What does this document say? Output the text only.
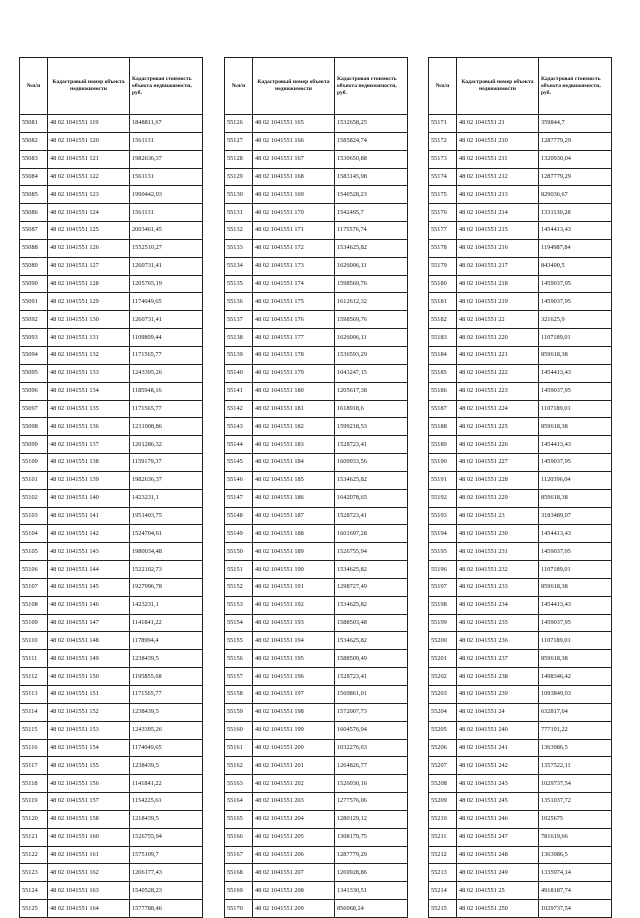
№п/п	Кадастровый номер объекта недвижимости	Кадастровая стоимость объекта недвижимости, руб.
55081	48 02 1041551 119	1848811,67
55082	48 02 1041551 120	1561131
55083	48 02 1041551 121	1982636,37
55084	48 02 1041551 122	1561131
55085	48 02 1041551 123	1990442,03
55086	48 02 1041551 124	1561131
55087	48 02 1041551 125	2003461,45
55088	48 02 1041551 126	1552510,27
55089	48 02 1041551 127	1260731,41
55090	48 02 1041551 128	1205765,19
55091	48 02 1041551 129	1174049,65
55092	48 02 1041551 130	1260731,41
55093	48 02 1041551 131	1109809,44
55094	48 02 1041551 132	1171565,77
55095	48 02 1041551 133	1243395,26
55096	48 02 1041551 134	1185948,16
55097	48 02 1041551 135	1171565,77
55098	48 02 1041551 136	1231008,86
55099	48 02 1041551 137	1201286,32
55100	48 02 1041551 138	1159179,37
55101	48 02 1041551 139	1982636,37
55102	48 02 1041551 140	1423231,1
55103	48 02 1041551 141	1951403,75
55104	48 02 1041551 142	1524704,61
55105	48 02 1041551 143	1980034,48
55106	48 02 1041551 144	1522102,73
55107	48 02 1041551 145	1927996,78
55108	48 02 1041551 146	1423231,1
55109	48 02 1041551 147	1141841,22
55110	48 02 1041551 148	1178994,4
55111	48 02 1041551 149	1238439,5
55112	48 02 1041551 150	1195855,68
55113	48 02 1041551 151	1171565,77
55114	48 02 1041551 152	1238439,5
55115	48 02 1041551 153	1243395,26
55116	48 02 1041551 154	1174049,65
55117	48 02 1041551 155	1238439,5
55118	48 02 1041551 156	1141841,22
55119	48 02 1041551 157	1154225,61
55120	48 02 1041551 158	1218439,5
55121	48 02 1041551 160	1526755,94
55122	48 02 1041551 161	1575109,7
55123	48 02 1041551 162	1206177,43
55124	48 02 1041551 163	1540528,23
55125	48 02 1041551 164	1577788,46
№п/п	Кадастровый номер объекта недвижимости	Кадастровая стоимость объекта недвижимости, руб.
55126	48 02 1041551 165	1532658,25
55127	48 02 1041551 166	1585824,74
55128	48 02 1041551 167	1530650,88
55129	48 02 1041551 168	1583145,98
55130	48 02 1041551 169	1540528,23
55131	48 02 1041551 170	1542495,7
55132	48 02 1041551 171	1175576,74
55133	48 02 1041551 172	1534625,82
55134	48 02 1041551 173	1626006,11
55135	48 02 1041551 174	1598569,76
55136	48 02 1041551 175	1612612,32
55137	48 02 1041551 176	1598569,76
55138	48 02 1041551 177	1626006,11
55139	48 02 1041551 178	1536593,29
55140	48 02 1041551 179	1043247,15
55141	48 02 1041551 180	1205617,38
55142	48 02 1041551 181	1618918,6
55143	48 02 1041551 182	1599218,53
55144	48 02 1041551 183	1528723,41
55145	48 02 1041551 184	1609933,56
55146	48 02 1041551 185	1534625,82
55147	48 02 1041551 186	1642078,65
55148	48 02 1041551 187	1528723,41
55149	48 02 1041551 188	1601697,28
55150	48 02 1041551 189	1526755,94
55151	48 02 1041551 190	1534625,82
55152	48 02 1041551 191	1298727,49
55153	48 02 1041551 192	1534625,82
55154	48 02 1041551 193	1588503,48
55155	48 02 1041551 194	1534625,82
55156	48 02 1041551 195	1588509,49
55157	48 02 1041551 196	1528723,41
55158	48 02 1041551 197	1569861,01
55159	48 02 1041551 198	1572007,73
55160	48 02 1041551 199	1604576,94
55161	48 02 1041551 200	1032276,63
55162	48 02 1041551 201	1264826,77
55163	48 02 1041551 202	1526030,16
55164	48 02 1041551 203	1277576,06
55165	48 02 1041551 204	1280129,12
55166	48 02 1041551 205	1308179,75
55167	48 02 1041551 206	1287779,29
55168	48 02 1041551 207	1269928,86
55169	48 02 1041551 208	1341330,51
55170	48 02 1041551 209	856068,24
№п/п	Кадастровый номер объекта недвижимости	Кадастровая стоимость объекта недвижимости, руб.
55171	48 02 1041551 21	359844,7
55172	48 02 1041551 210	1287779,29
55173	48 02 1041551 211	1320930,04
55174	48 02 1041551 212	1287779,29
55175	48 02 1041551 213	829036,67
55176	48 02 1041551 214	1331130,28
55177	48 02 1041551 215	1454413,43
55178	48 02 1041551 216	1194987,84
55179	48 02 1041551 217	843400,5
55180	48 02 1041551 218	1459037,95
55181	48 02 1041551 219	1459037,95
55182	48 02 1041551 22	321625,9
55183	48 02 1041551 220	1107189,01
55184	48 02 1041551 221	859618,38
55185	48 02 1041551 222	1454413,43
55186	48 02 1041551 223	1459037,95
55187	48 02 1041551 224	1107189,01
55188	48 02 1041551 225	859618,38
55189	48 02 1041551 226	1454413,43
55190	48 02 1041551 227	1459037,95
55191	48 02 1041551 228	1120396,04
55192	48 02 1041551 229	859618,38
55193	48 02 1041551 23	3183489,07
55194	48 02 1041551 230	1454413,43
55195	48 02 1041551 231	1459037,95
55196	48 02 1041551 232	1107189,01
55197	48 02 1041551 233	859618,38
55198	48 02 1041551 234	1454413,43
55199	48 02 1041551 235	1459037,95
55200	48 02 1041551 236	1107189,01
55201	48 02 1041551 237	859618,38
55202	48 02 1041551 238	1498346,42
55203	48 02 1041551 239	1093849,03
55204	48 02 1041551 24	632817,04
55205	48 02 1041551 240	777191,22
55206	48 02 1041551 241	1363986,5
55207	48 02 1041551 242	1357522,11
55208	48 02 1041551 243	1029737,54
55209	48 02 1041551 245	1351037,72
55210	48 02 1041551 246	1025675
55211	48 02 1041551 247	781619,66
55212	48 02 1041551 248	1363986,5
55213	48 02 1041551 249	1335974,14
55214	48 02 1041551 25	4918187,74
55215	48 02 1041551 250	1029737,54
